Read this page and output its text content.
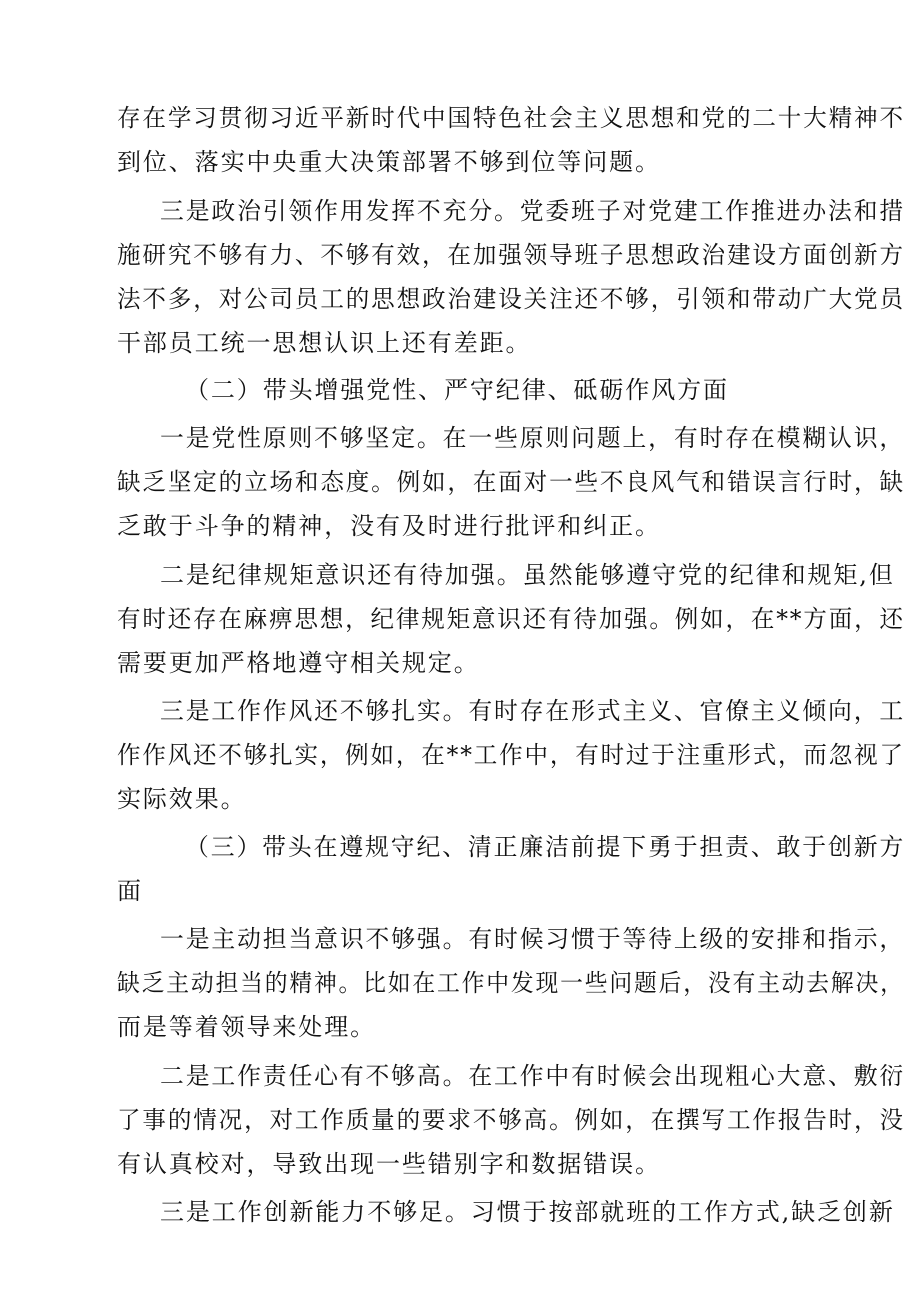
存在学习贯彻习近平新时代中国特色社会主义思想和党的二十大精神不

到位、落实中央重大决策部署不够到位等问题。

三是政治引领作用发挥不充分。党委班子对党建工作推进办法和措

施研究不够有力、不够有效，在加强领导班子思想政治建设方面创新方

法不多，对公司员工的思想政治建设关注还不够，引领和带动广大党员

干部员工统一思想认识上还有差距。

（二）带头增强党性、严守纪律、砥砺作风方面

一是党性原则不够坚定。在一些原则问题上，有时存在模糊认识，

缺乏坚定的立场和态度。例如，在面对一些不良风气和错误言行时，缺

乏敢于斗争的精神，没有及时进行批评和纠正。

二是纪律规矩意识还有待加强。虽然能够遵守党的纪律和规矩,但

有时还存在麻痹思想，纪律规矩意识还有待加强。例如，在**方面，还

需要更加严格地遵守相关规定。

三是工作作风还不够扎实。有时存在形式主义、官僚主义倾向，工

作作风还不够扎实，例如，在**工作中，有时过于注重形式，而忽视了

实际效果。

（三）带头在遵规守纪、清正廉洁前提下勇于担责、敢于创新方

面

一是主动担当意识不够强。有时候习惯于等待上级的安排和指示，

缺乏主动担当的精神。比如在工作中发现一些问题后，没有主动去解决，

而是等着领导来处理。

二是工作责任心有不够高。在工作中有时候会出现粗心大意、敷衍

了事的情况，对工作质量的要求不够高。例如，在撰写工作报告时，没

有认真校对，导致出现一些错别字和数据错误。

三是工作创新能力不够足。习惯于按部就班的工作方式,缺乏创新
